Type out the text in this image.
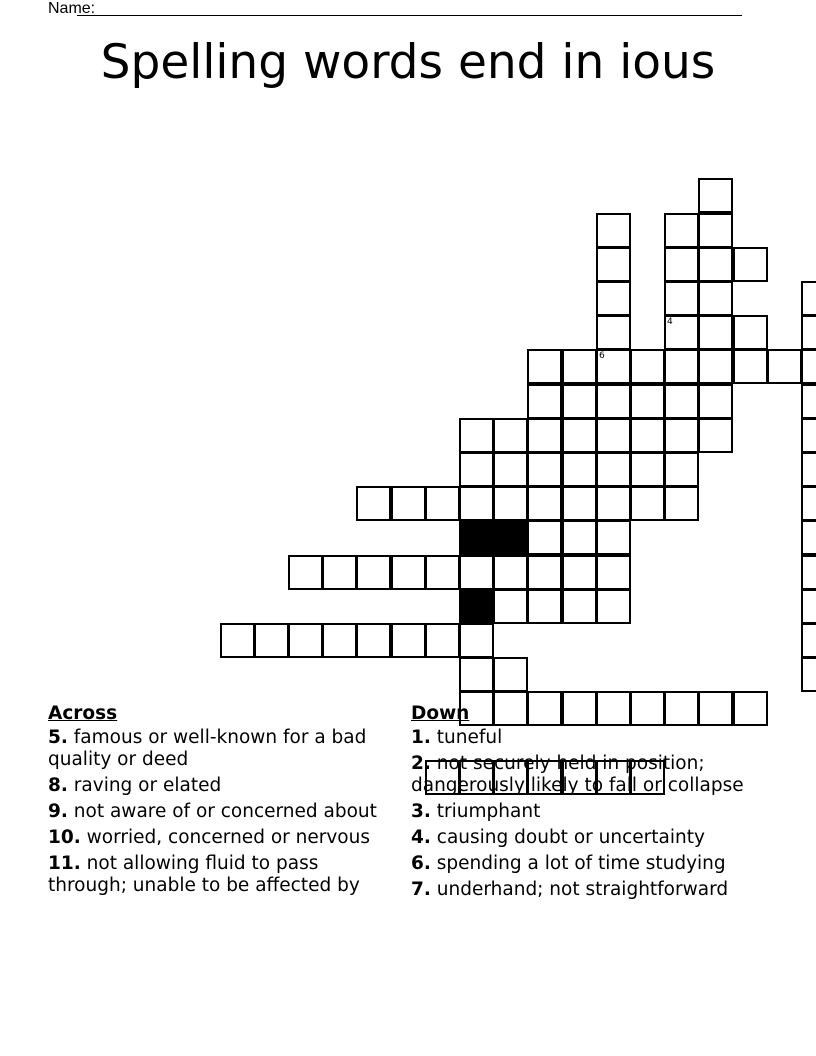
Name:
Spelling words end in ious
6
4
Across
5. famous or well-known for a bad quality or deed
8. raving or elated
9. not aware of or concerned about
10. worried, concerned or nervous
11. not allowing fluid to pass through; unable to be affected by
Down
1. tuneful
2. not securely held in position; dangerously likely to fall or collapse
3. triumphant
4. causing doubt or uncertainty
6. spending a lot of time studying
7. underhand; not straightforward
